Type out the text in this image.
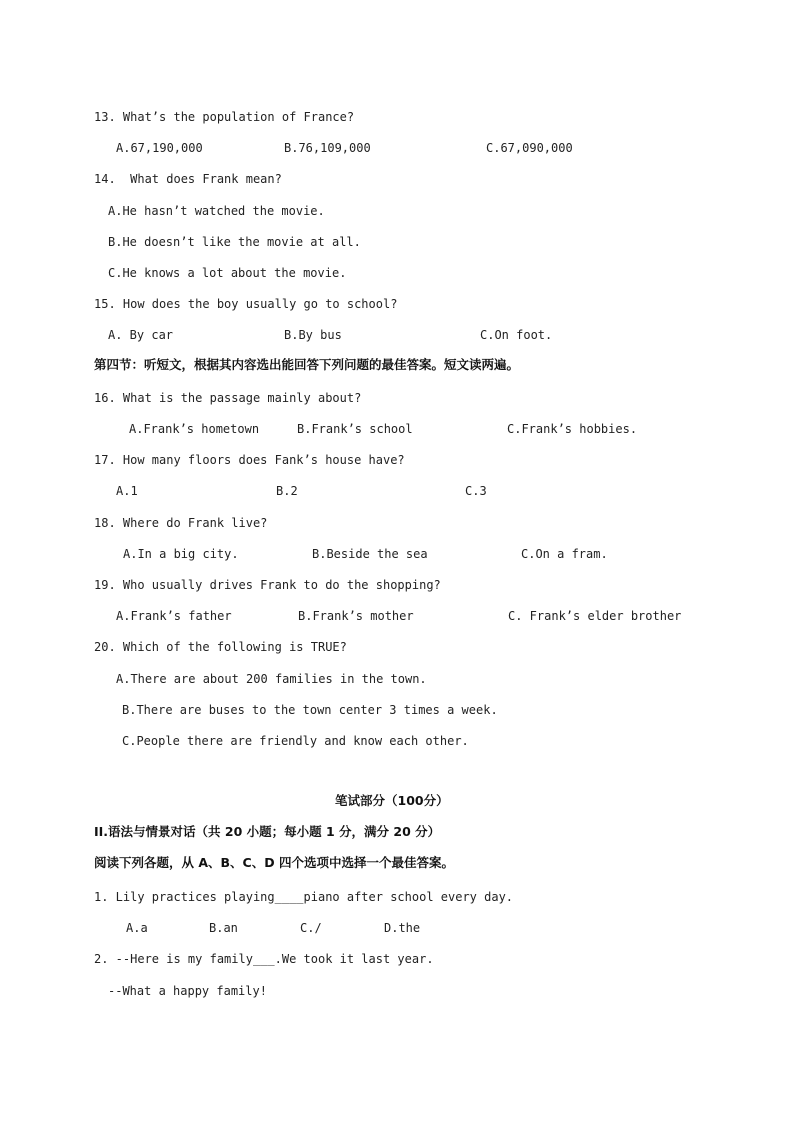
13. What’s the population of France?
A.67,190,000	B.76,109,000	C.67,090,000
14.  What does Frank mean?
A.He hasn’t watched the movie.
B.He doesn’t like the movie at all.
C.He knows a lot about the movie.
15. How does the boy usually go to school?
A. By car	B.By bus	C.On foot.
第四节：听短文，根据其内容选出能回答下列问题的最佳答案。短文读两遍。
16. What is the passage mainly about?
A.Frank’s hometown	B.Frank’s school	C.Frank’s hobbies.
17. How many floors does Fank’s house have?
A.1	B.2	C.3
18. Where do Frank live?
A.In a big city.	B.Beside the sea	C.On a fram.
19. Who usually drives Frank to do the shopping?
A.Frank’s father	B.Frank’s mother	C. Frank’s elder brother
20. Which of the following is TRUE?
A.There are about 200 families in the town.
B.There are buses to the town center 3 times a week.
C.People there are friendly and know each other.
笔试部分（100分）
II.语法与情景对话（共 20 小题；每小题 1 分，满分 20 分）
阅读下列各题，从 A、B、C、D 四个选项中选择一个最佳答案。
1. Lily practices playing____piano after school every day.
A.a	B.an	C./	D.the
2. --Here is my family___.We took it last year.
--What a happy family!
